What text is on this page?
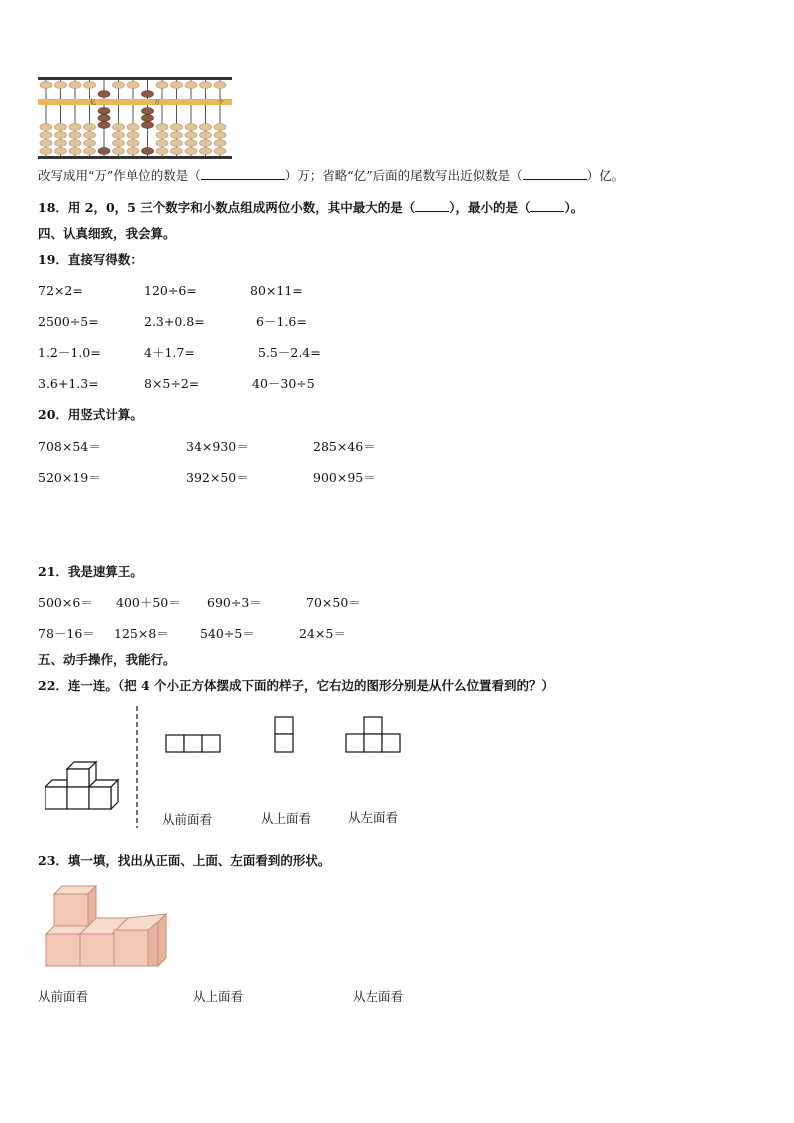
亿	万	个
改写成用“万”作单位的数是（	）万；省略“亿”后面的尾数写出近似数是（	）亿。
18．用 2，0，5 三个数字和小数点组成两位小数，其中最大的是（	），最小的是（	）。
四、认真细致，我会算。
19．直接写得数：
72×2=	120÷6=	80×11=
2500÷5=	2.3+0.8=	6－1.6=
1.2－1.0=	4＋1.7=	5.5－2.4=
3.6+1.3=	8×5÷2=	40－30÷5
20．用竖式计算。
708×54＝	34×930＝	285×46＝
520×19＝	392×50＝	900×95＝
21．我是速算王。
500×6＝ 400＋50＝ 690÷3＝	70×50＝
78－16＝ 125×8＝ 540÷5＝	24×5＝
五、动手操作，我能行。
22．连一连。（把 4 个小正方体摆成下面的样子，它右边的图形分别是从什么位置看到的？）
从前面看	从上面看	从左面看
23．填一填，找出从正面、上面、左面看到的形状。
从前面看	从上面看	从左面看
